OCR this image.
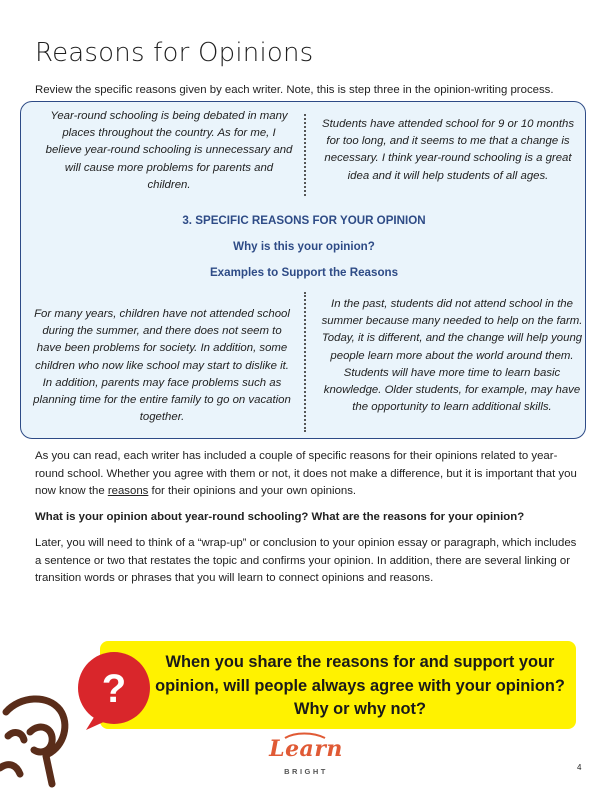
Reasons for Opinions
Review the specific reasons given by each writer. Note, this is step three in the opinion-writing process.
Year-round schooling is being debated in many places throughout the country. As for me, I believe year-round schooling is unnecessary and will cause more problems for parents and children.
Students have attended school for 9 or 10 months for too long, and it seems to me that a change is necessary. I think year-round schooling is a great idea and it will help students of all ages.
3. SPECIFIC REASONS FOR YOUR OPINION
Why is this your opinion?
Examples to Support the Reasons
For many years, children have not attended school during the summer, and there does not seem to have been problems for society. In addition, some children who now like school may start to dislike it. In addition, parents may face problems such as planning time for the entire family to go on vacation together.
In the past, students did not attend school in the summer because many needed to help on the farm. Today, it is different, and the change will help young people learn more about the world around them. Students will have more time to learn basic knowledge. Older students, for example, may have the opportunity to learn additional skills.
As you can read, each writer has included a couple of specific reasons for their opinions related to year-round school. Whether you agree with them or not, it does not make a difference, but it is important that you now know the reasons for their opinions and your own opinions.
What is your opinion about year-round schooling? What are the reasons for your opinion?
Later, you will need to think of a “wrap-up” or conclusion to your opinion essay or paragraph, which includes a sentence or two that restates the topic and confirms your opinion. In addition, there are several linking or transition words or phrases that you will learn to connect opinions and reasons.
When you share the reasons for and support your opinion, will people always agree with your opinion? Why or why not?
?
Learn
BRIGHT	4
